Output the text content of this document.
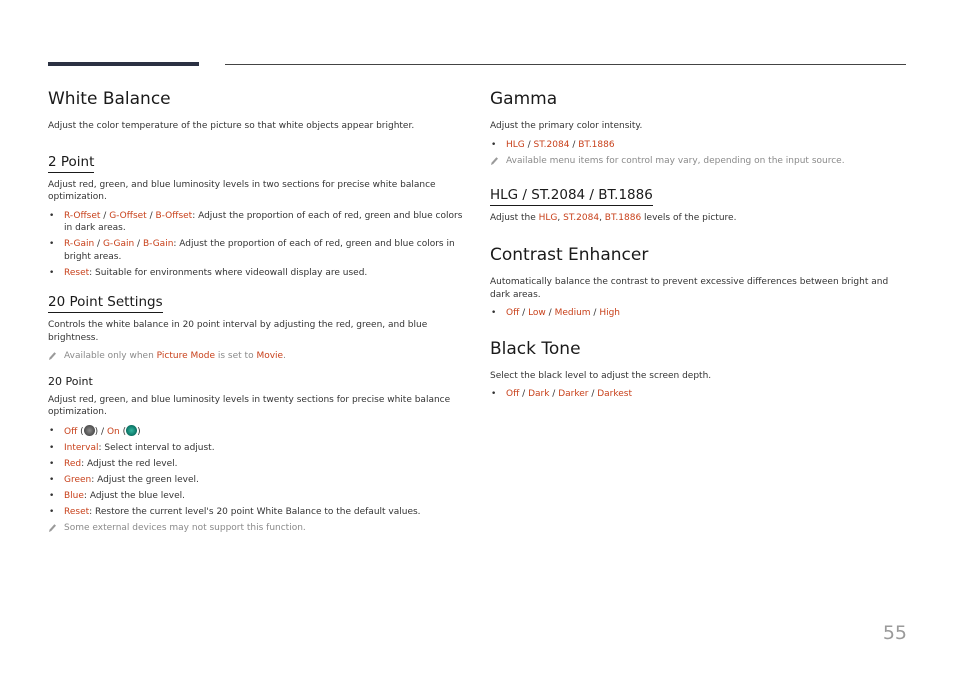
White Balance

Adjust the color temperature of the picture so that white objects appear brighter.

2 Point

Adjust red, green, and blue luminosity levels in two sections for precise white balance optimization.

• R-Offset / G-Offset / B-Offset: Adjust the proportion of each of red, green and blue colors in dark areas.
• R-Gain / G-Gain / B-Gain: Adjust the proportion of each of red, green and blue colors in bright areas.
• Reset: Suitable for environments where videowall display are used.
20 Point Settings

Controls the white balance in 20 point interval by adjusting the red, green, and blue brightness.

Available only when Picture Mode is set to Movie.
20 Point

Adjust red, green, and blue luminosity levels in twenty sections for precise white balance optimization.

• Off ( ) / On ( )
• Interval: Select interval to adjust.
• Red: Adjust the red level.
• Green: Adjust the green level.
• Blue: Adjust the blue level.
• Reset: Restore the current level's 20 point White Balance to the default values.
Some external devices may not support this function.
Gamma

Adjust the primary color intensity.

• HLG / ST.2084 / BT.1886
Available menu items for control may vary, depending on the input source.
HLG / ST.2084 / BT.1886

Adjust the HLG, ST.2084, BT.1886 levels of the picture.

Contrast Enhancer

Automatically balance the contrast to prevent excessive differences between bright and dark areas.

• Off / Low / Medium / High
Black Tone

Select the black level to adjust the screen depth.

• Off / Dark / Darker / Darkest
55
